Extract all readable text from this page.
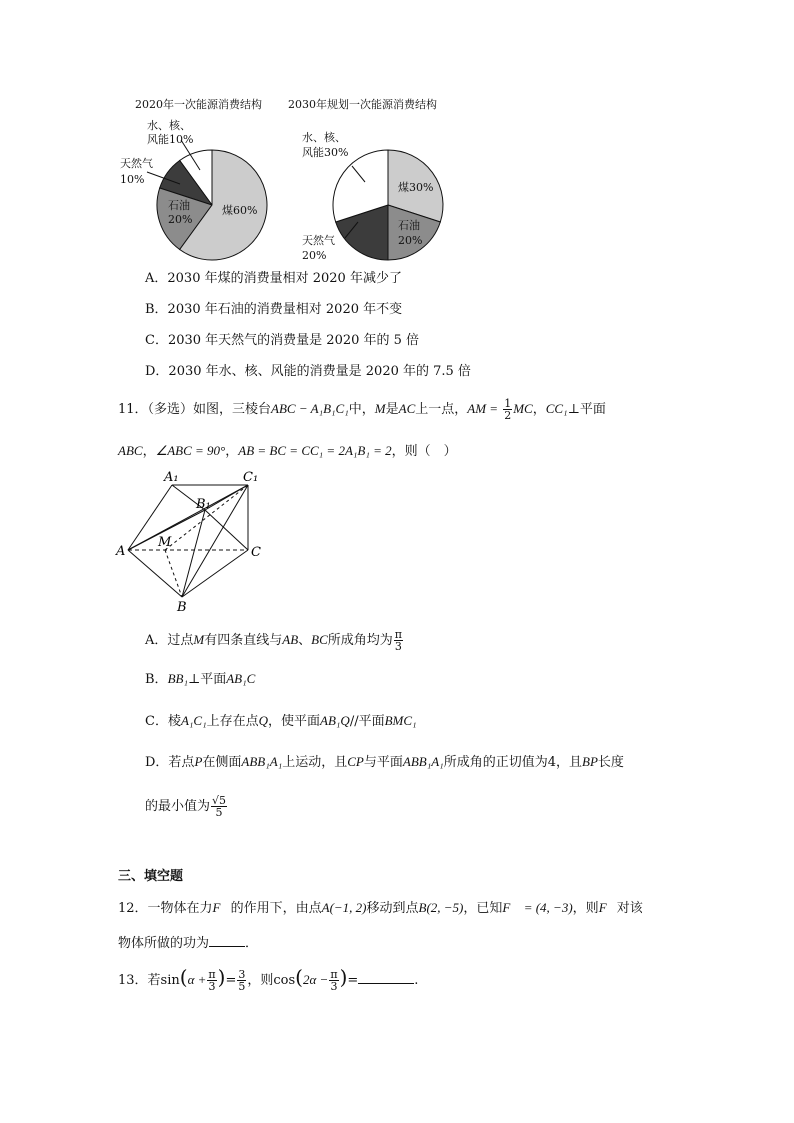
2020年一次能源消费结构 2030年规划一次能源消费结构
水、核、
风能10%
天然气
10%
石油
20%
煤60%
水、核、
风能30%
煤30%
石油
20%
天然气
20%
A．2030 年煤的消费量相对 2020 年减少了
B．2030 年石油的消费量相对 2020 年不变
C．2030 年天然气的消费量是 2020 年的 5 倍
D．2030 年水、核、风能的消费量是 2020 年的 7.5 倍
11．（多选）如图，三棱台ABC − A₁B₁C₁中，M是AC上一点，AM = $\frac{1}{2}$ MC，CC₁⊥平面
ABC，∠ABC = 90°，AB = BC = CC₁ = 2A₁B₁ = 2，则（　）
A₁	C₁
B₁
A
M
C
B
A．过点M有四条直线与AB、BC所成角均为 $\frac{\pi}{3}$
B．BB₁⊥平面AB₁C
C．棱A₁C₁上存在点Q，使平面AB₁Q//平面BMC₁
D．若点P在侧面ABB₁A₁上运动，且CP与平面ABB₁A₁所成角的正切值为4，且BP长度
的最小值为 $\frac{√5}{5}$
三、填空题
12．一物体在力F⃗的作用下，由点A(−1, 2)移动到点B(2, −5)，已知F⃗ = (4, −3)，则F⃗对该
物体所做的功为	．
13．若$\sin(\alpha + \frac{\pi}{3}$ )= $\frac{3}{5}$ ，则$\cos(2\alpha - \frac{\pi}{3}$ )=	.
